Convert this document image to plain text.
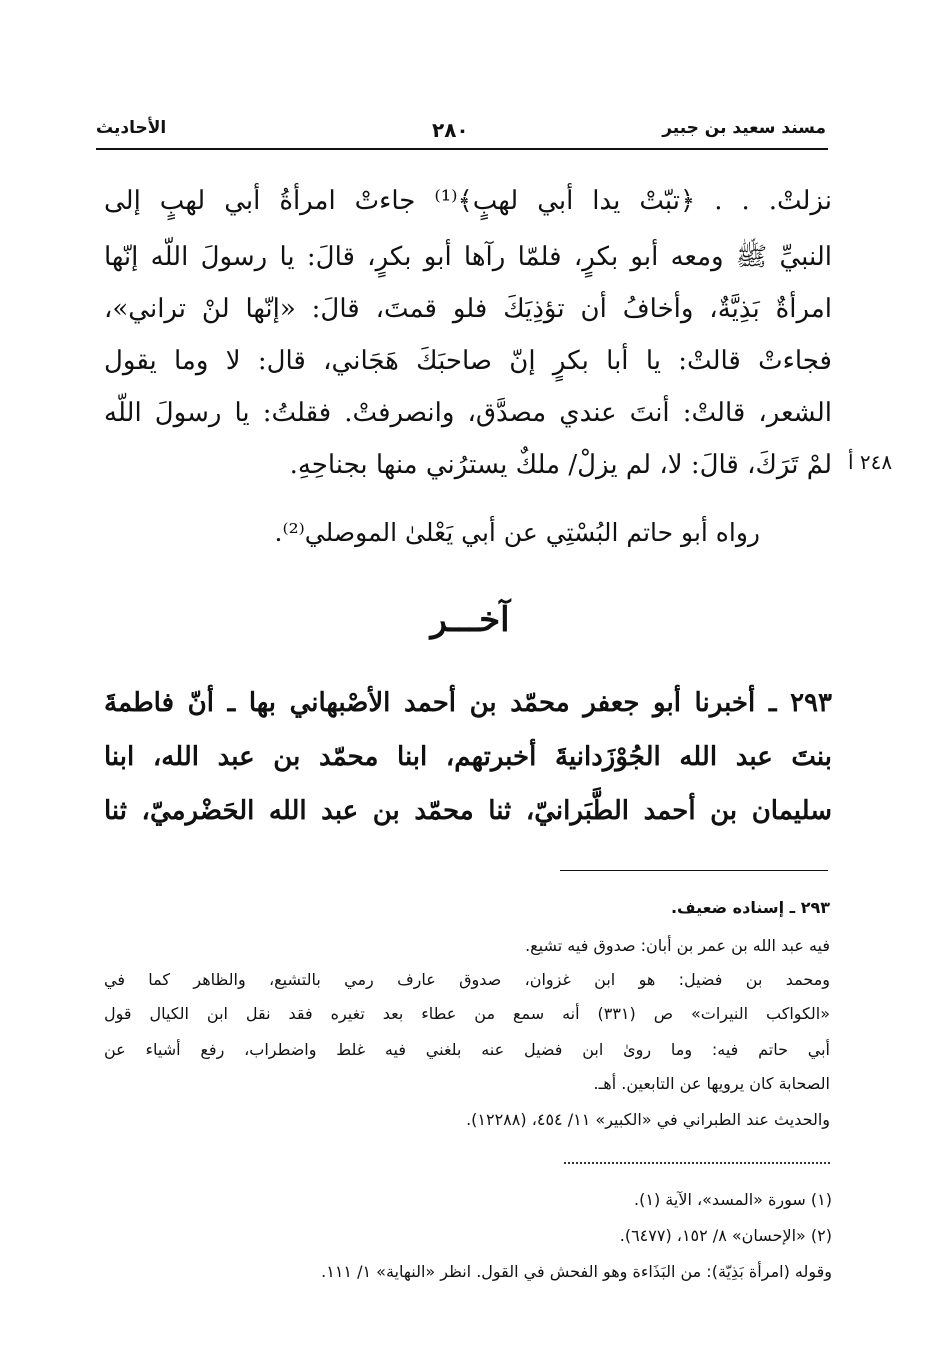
مسند سعيد بن جبير
٢٨٠
الأحاديث
نزلتْ. . . ﴿تبّتْ يدا أبي لهبٍ﴾⁽¹⁾ جاءتْ امرأةُ أبي لهبٍ إلى
النبيِّ ﷺ ومعه أبو بكرٍ، فلمّا رآها أبو بكرٍ، قالَ: يا رسولَ اللّه إنّها
امرأةٌ بَذِيَّةٌ، وأخافُ أن تؤذِيَكَ فلو قمتَ، قالَ: «إنّها لنْ تراني»،
فجاءتْ قالتْ: يا أبا بكرٍ إنّ صاحبَكَ هَجَاني، قال: لا وما يقول
الشعر، قالتْ: أنتَ عندي مصدَّق، وانصرفتْ. فقلتُ: يا رسولَ اللّه
لمْ تَرَكَ، قالَ: لا، لم يزلْ/ ملكٌ يسترُني منها بجناحِهِ. ٢٤٨ أ
رواه أبو حاتم البُسْتِي عن أبي يَعْلىٰ الموصلي⁽²⁾.
آخـــر
٢٩٣ ـ أخبرنا أبو جعفر محمّد بن أحمد الأصْبهاني بها ـ أنّ فاطمةَ
بنتَ عبد الله الجُوْزَدانيةَ أخبرتهم، ابنا محمّد بن عبد الله، ابنا
سليمان بن أحمد الطَّبَرانيّ، ثنا محمّد بن عبد الله الحَضْرميّ، ثنا
٢٩٣ ـ إسناده ضعيف.
فيه عبد الله بن عمر بن أبان: صدوق فيه تشيع.
ومحمد بن فضيل: هو ابن غزوان، صدوق عارف رمي بالتشيع، والظاهر كما في
«الكواكب النيرات» ص (٣٣١) أنه سمع من عطاء بعد تغيره فقد نقل ابن الكيال قول
أبي حاتم فيه: وما روىٰ ابن فضيل عنه بلغني فيه غلط واضطراب، رفع أشياء عن
الصحابة كان يرويها عن التابعين. أهـ.
والحديث عند الطبراني في «الكبير» ١١/ ٤٥٤، (١٢٢٨٨).
(١) سورة «المسد»، الآية (١).
(٢) «الإحسان» ٨/ ١٥٢، (٦٤٧٧).
وقوله (امرأة بَذِيّة): من البَذَاءة وهو الفحش في القول. انظر «النهاية» ١/ ١١١.
